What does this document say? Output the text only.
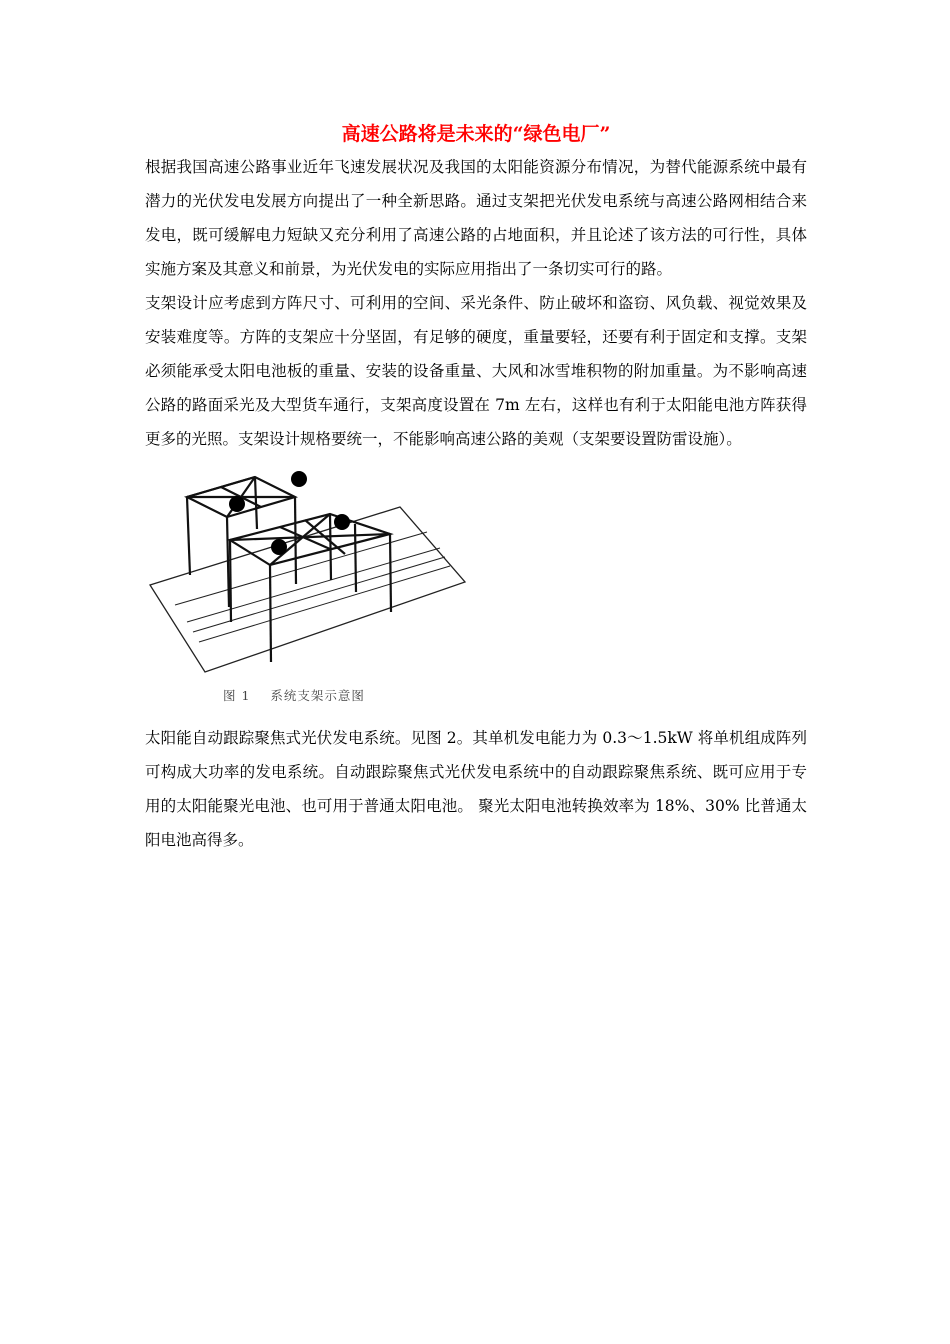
高速公路将是未来的“绿色电厂”

根据我国高速公路事业近年飞速发展状况及我国的太阳能资源分布情况，为替代能源系统中最有潜力的光伏发电发展方向提出了一种全新思路。通过支架把光伏发电系统与高速公路网相结合来发电，既可缓解电力短缺又充分利用了高速公路的占地面积，并且论述了该方法的可行性，具体实施方案及其意义和前景，为光伏发电的实际应用指出了一条切实可行的路。

支架设计应考虑到方阵尺寸、可利用的空间、采光条件、防止破坏和盗窃、风负载、视觉效果及安装难度等。方阵的支架应十分坚固，有足够的硬度，重量要轻，还要有利于固定和支撑。支架必须能承受太阳电池板的重量、安装的设备重量、大风和冰雪堆积物的附加重量。为不影响高速公路的路面采光及大型货车通行，支架高度设置在 7m 左右，这样也有利于太阳能电池方阵获得更多的光照。支架设计规格要统一，不能影响高速公路的美观（支架要设置防雷设施）。

图 1    系统支架示意图

太阳能自动跟踪聚焦式光伏发电系统。见图 2。其单机发电能力为 0.3～1.5kW 将单机组成阵列可构成大功率的发电系统。自动跟踪聚焦式光伏发电系统中的自动跟踪聚焦系统、既可应用于专用的太阳能聚光电池、也可用于普通太阳电池。 聚光太阳电池转换效率为 18%、30% 比普通太阳电池高得多。
